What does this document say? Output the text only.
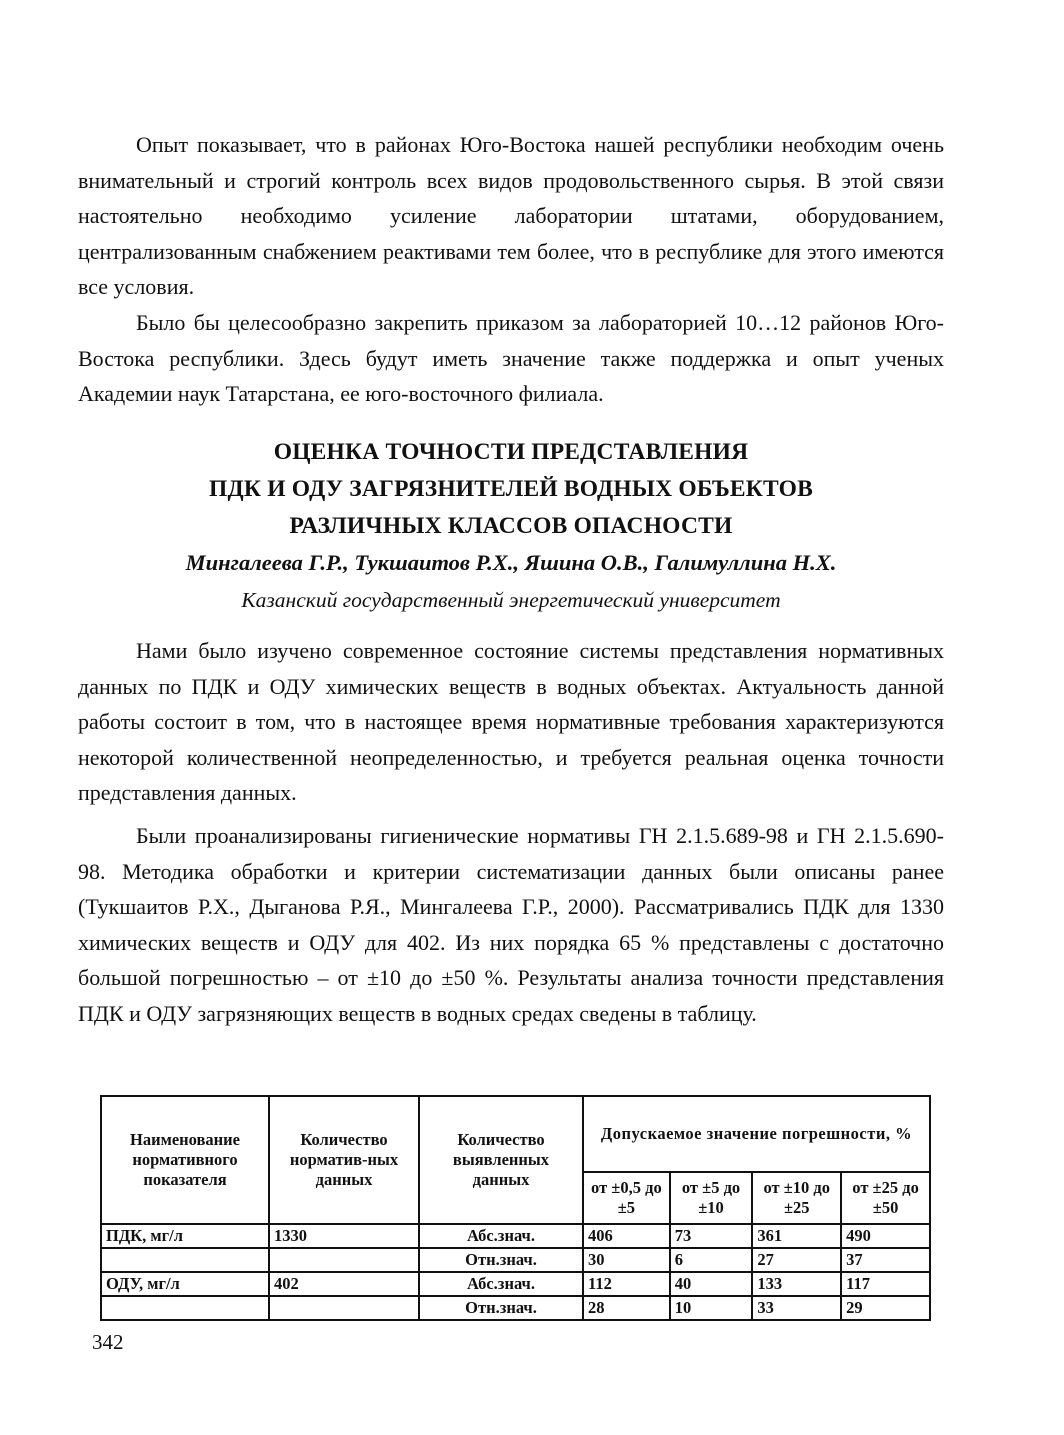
Опыт показывает, что в районах Юго-Востока нашей республики необходим очень внимательный и строгий контроль всех видов продовольственного сырья. В этой связи настоятельно необходимо усиление лаборатории штатами, оборудованием, централизованным снабжением реактивами тем более, что в республике для этого имеются все условия.

Было бы целесообразно закрепить приказом за лабораторией 10…12 районов Юго-Востока республики. Здесь будут иметь значение также поддержка и опыт ученых Академии наук Татарстана, ее юго-восточного филиала.

ОЦЕНКА ТОЧНОСТИ ПРЕДСТАВЛЕНИЯ
ПДК И ОДУ ЗАГРЯЗНИТЕЛЕЙ ВОДНЫХ ОБЪЕКТОВ
РАЗЛИЧНЫХ КЛАССОВ ОПАСНОСТИ

Мингалеева Г.Р., Тукшаитов Р.Х., Яшина О.В., Галимуллина Н.Х.

Казанский государственный энергетический университет

Нами было изучено современное состояние системы представления нормативных данных по ПДК и ОДУ химических веществ в водных объектах. Актуальность данной работы состоит в том, что в настоящее время нормативные требования характеризуются некоторой количественной неопределенностью, и требуется реальная оценка точности представления данных.

Были проанализированы гигиенические нормативы ГН 2.1.5.689-98 и ГН 2.1.5.690-98. Методика обработки и критерии систематизации данных были описаны ранее (Тукшаитов Р.Х., Дыганова Р.Я., Мингалеева Г.Р., 2000). Рассматривались ПДК для 1330 химических веществ и ОДУ для 402. Из них порядка 65 % представлены с достаточно большой погрешностью – от ±10 до ±50 %. Результаты анализа точности представления ПДК и ОДУ загрязняющих веществ в водных средах сведены в таблицу.

Наименование нормативного показателя	Количество норматив-ных данных	Количество выявленных данных	Допускаемое значение погрешности, %			
			от ±0,5 до ±5	от ±5 до ±10	от ±10 до ±25	от ±25 до ±50
ПДК, мг/л	1330	Абс.знач.	406	73	361	490
		Отн.знач.	30	6	27	37
ОДУ, мг/л	402	Абс.знач.	112	40	133	117
		Отн.знач.	28	10	33	29

342
